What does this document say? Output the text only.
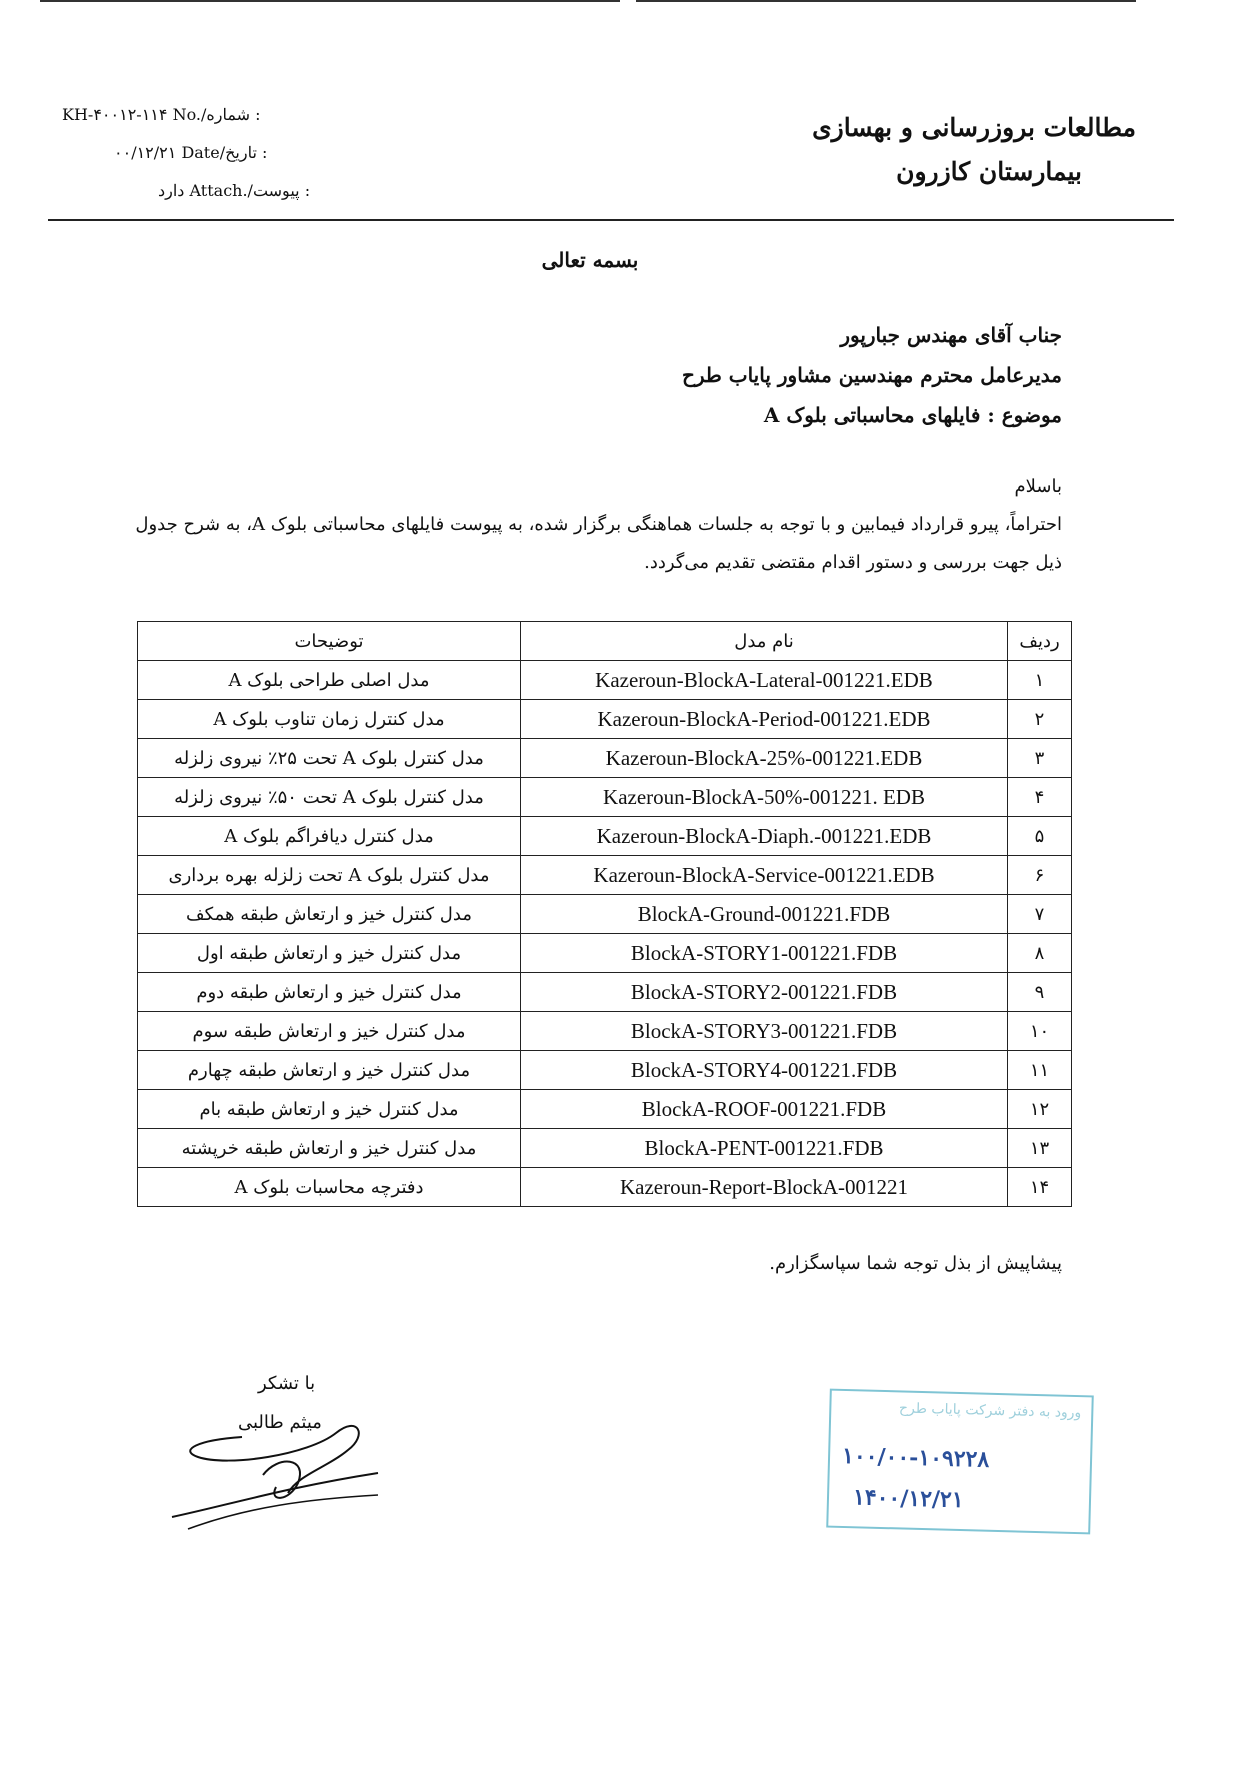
مطالعات بروزرسانی و بهسازی
بیمارستان کازرون
KH-۴۰۰۱۲-۱۱۴ No./شماره :
۰۰/۱۲/۲۱ Date/تاریخ :
دارد Attach./پیوست :
بسمه تعالی
جناب آقای مهندس جبارپور
مدیرعامل محترم مهندسین مشاور پایاب طرح
موضوع : فایلهای محاسباتی بلوک A
باسلام
احتراماً، پیرو قرارداد فیمابین و با توجه به جلسات هماهنگی برگزار شده، به پیوست فایلهای محاسباتی بلوک A، به شرح جدول ذیل جهت بررسی و دستور اقدام مقتضی تقدیم می‌گردد.
توضیحات	نام مدل	ردیف
مدل اصلی طراحی بلوک A	Kazeroun-BlockA-Lateral-001221.EDB	۱
مدل کنترل زمان تناوب بلوک A	Kazeroun-BlockA-Period-001221.EDB	۲
مدل کنترل بلوک A تحت ۲۵٪ نیروی زلزله	Kazeroun-BlockA-25%-001221.EDB	۳
مدل کنترل بلوک A تحت ۵۰٪ نیروی زلزله	Kazeroun-BlockA-50%-001221. EDB	۴
مدل کنترل دیافراگم بلوک A	Kazeroun-BlockA-Diaph.-001221.EDB	۵
مدل کنترل بلوک A تحت زلزله بهره برداری	Kazeroun-BlockA-Service-001221.EDB	۶
مدل کنترل خیز و ارتعاش طبقه همکف	BlockA-Ground-001221.FDB	۷
مدل کنترل خیز و ارتعاش طبقه اول	BlockA-STORY1-001221.FDB	۸
مدل کنترل خیز و ارتعاش طبقه دوم	BlockA-STORY2-001221.FDB	۹
مدل کنترل خیز و ارتعاش طبقه سوم	BlockA-STORY3-001221.FDB	۱۰
مدل کنترل خیز و ارتعاش طبقه چهارم	BlockA-STORY4-001221.FDB	۱۱
مدل کنترل خیز و ارتعاش طبقه بام	BlockA-ROOF-001221.FDB	۱۲
مدل کنترل خیز و ارتعاش طبقه خرپشته	BlockA-PENT-001221.FDB	۱۳
دفترچه محاسبات بلوک A	Kazeroun-Report-BlockA-001221	۱۴
پیشاپیش از بذل توجه شما سپاسگزارم.
با تشکر
میثم طالبی
ورود به دفتر شرکت پایاب طرح
۱۰۰/۰۰-۱۰۹۲۲۸
۱۴۰۰/۱۲/۲۱
